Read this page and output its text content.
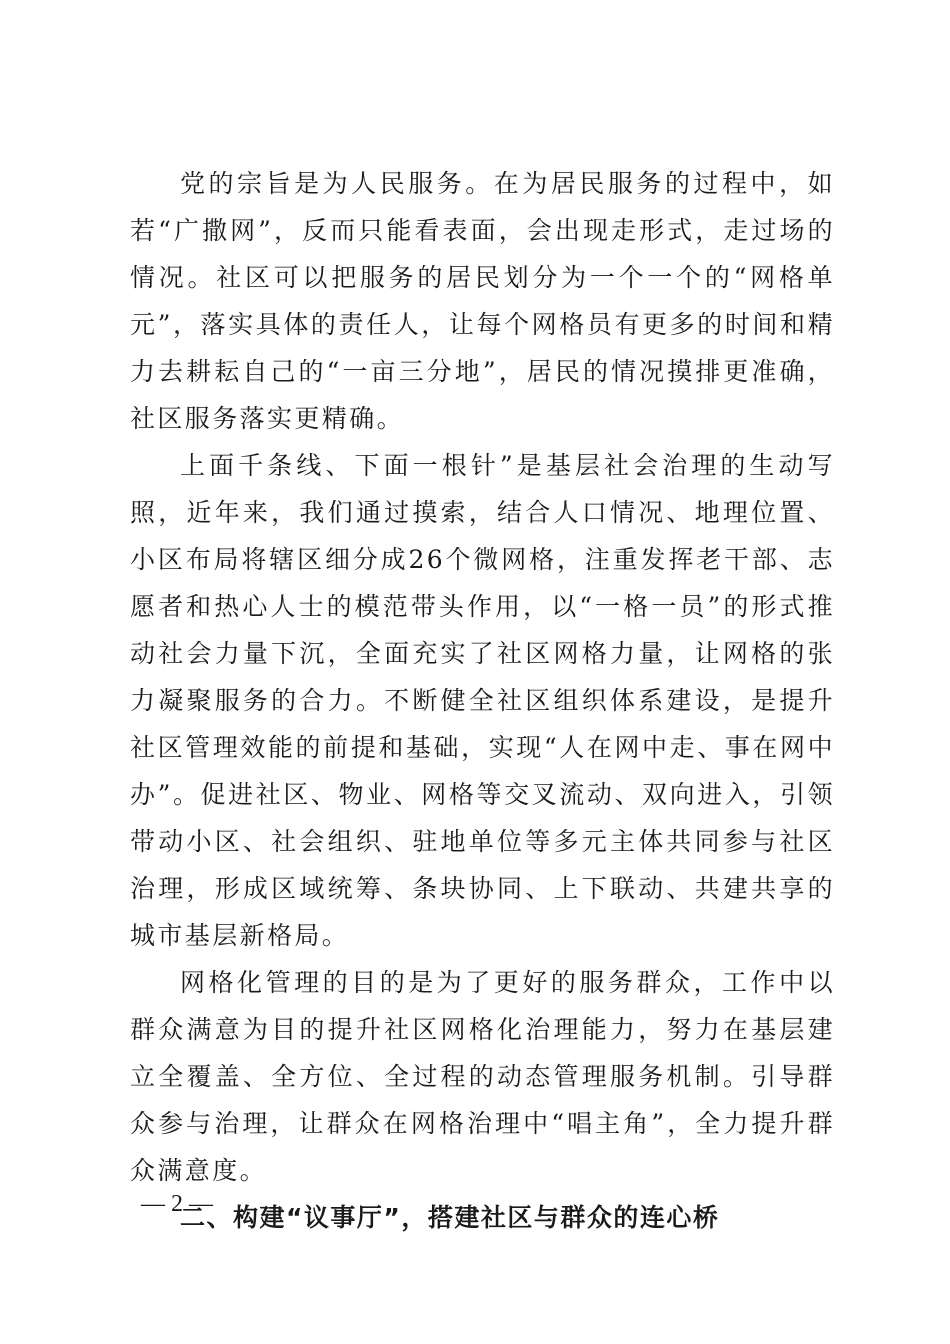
党的宗旨是为人民服务。在为居民服务的过程中，如若“广撒网”，反而只能看表面，会出现走形式，走过场的情况。社区可以把服务的居民划分为一个一个的“网格单元”，落实具体的责任人，让每个网格员有更多的时间和精力去耕耘自己的“一亩三分地”，居民的情况摸排更准确，社区服务落实更精确。

上面千条线、下面一根针”是基层社会治理的生动写照，近年来，我们通过摸索，结合人口情况、地理位置、小区布局将辖区细分成26个微网格，注重发挥老干部、志愿者和热心人士的模范带头作用，以“一格一员”的形式推动社会力量下沉，全面充实了社区网格力量，让网格的张力凝聚服务的合力。不断健全社区组织体系建设，是提升社区管理效能的前提和基础，实现“人在网中走、事在网中办”。促进社区、物业、网格等交叉流动、双向进入，引领带动小区、社会组织、驻地单位等多元主体共同参与社区治理，形成区域统筹、条块协同、上下联动、共建共享的城市基层新格局。

网格化管理的目的是为了更好的服务群众，工作中以群众满意为目的提升社区网格化治理能力，努力在基层建立全覆盖、全方位、全过程的动态管理服务机制。引导群众参与治理，让群众在网格治理中“唱主角”，全力提升群众满意度。

二、构建“议事厅”，搭建社区与群众的连心桥

— 2 —
